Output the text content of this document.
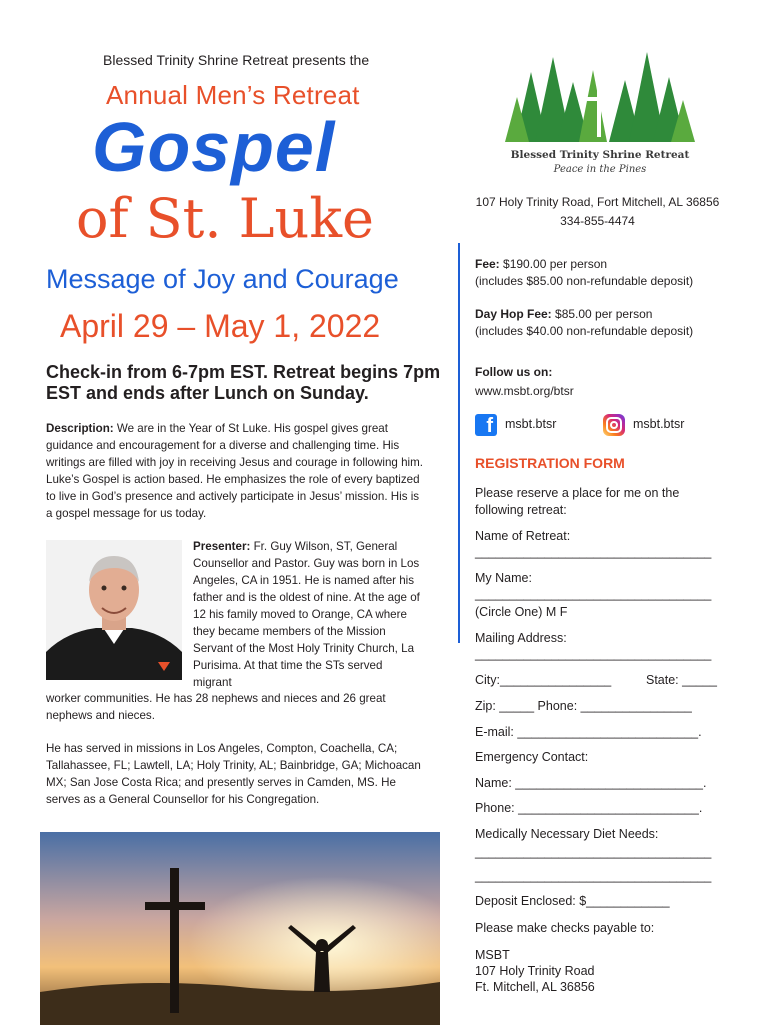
Blessed Trinity Shrine Retreat presents the
Annual Men’s Retreat
Gospel
of St. Luke
Message of Joy and Courage
April 29 – May 1, 2022
Check-in from 6-7pm EST. Retreat begins 7pm EST and ends after Lunch on Sunday.
Description: We are in the Year of St Luke. His gospel gives great guidance and encouragement for a diverse and challenging time. His writings are filled with joy in receiving Jesus and courage in following him. Luke’s Gospel is action based. He emphasizes the role of every baptized to live in God’s presence and actively participate in Jesus’ mission. His is a gospel message for us today.
Presenter: Fr. Guy Wilson, ST, General Counsellor and Pastor. Guy was born in Los Angeles, CA in 1951. He is named after his father and is the oldest of nine. At the age of 12 his family moved to Orange, CA where they became members of the Mission Servant of the Most Holy Trinity Church, La Purisima. At that time the STs served migrant
worker communities. He has 28 nephews and nieces and 26 great nephews and nieces.
He has served in missions in Los Angeles, Compton, Coachella, CA; Tallahassee, FL; Lawtell, LA; Holy Trinity, AL; Bainbridge, GA; Michoacan MX; San Jose Costa Rica; and presently serves in Camden, MS. He serves as a General Counsellor for his Congregation.
Blessed Trinity Shrine Retreat
Peace in the Pines
107 Holy Trinity Road, Fort Mitchell, AL 36856
334-855-4474
Fee: $190.00 per person
(includes $85.00 non-refundable deposit)
Day Hop Fee: $85.00 per person
(includes $40.00 non-refundable deposit)
Follow us on:
www.msbt.org/btsr
f msbt.btsr	msbt.btsr
REGISTRATION FORM
Please reserve a place for me on the
following retreat:
Name of Retreat:
__________________________________
My Name:
__________________________________
(Circle One) M F
Mailing Address:
__________________________________
City:________________	State: _____
Zip: _____ Phone: ________________
E-mail: __________________________.
Emergency Contact:
Name: ___________________________.
Phone: __________________________.
Medically Necessary Diet Needs:
__________________________________
__________________________________
Deposit Enclosed: $____________
Please make checks payable to:
MSBT
107 Holy Trinity Road
Ft. Mitchell, AL 36856
